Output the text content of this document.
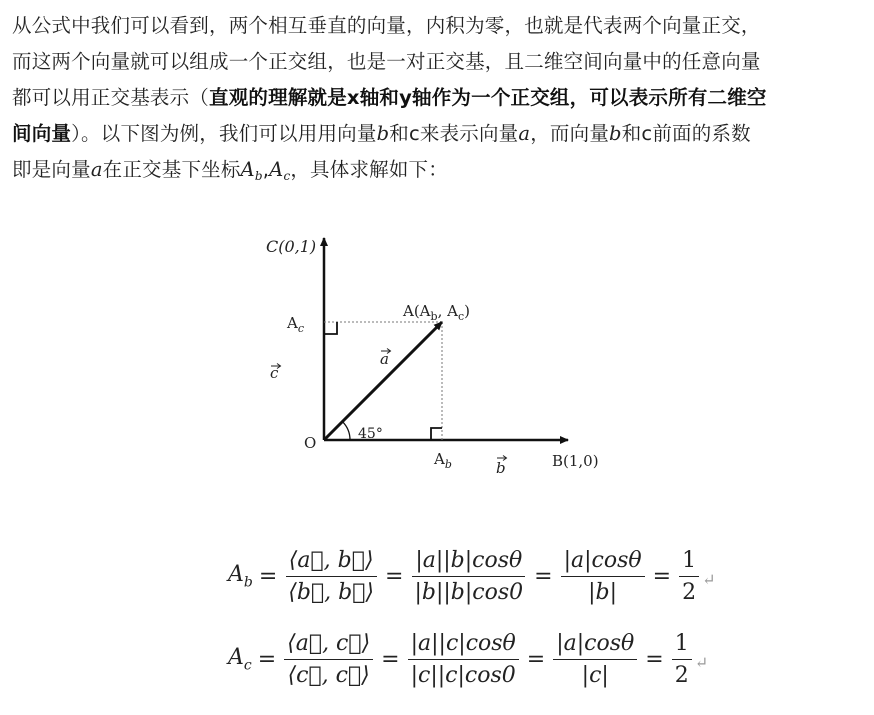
从公式中我们可以看到，两个相互垂直的向量，内积为零，也就是代表两个向量正交，
而这两个向量就可以组成一个正交组，也是一对正交基，且二维空间向量中的任意向量
都可以用正交基表示（直观的理解就是x轴和y轴作为一个正交组，可以表示所有二维空
间向量）。以下图为例，我们可以用用向量b和c来表示向量a，而向量b和c前面的系数
即是向量a在正交基下坐标$A_b,A_c$，具体求解如下：
C(0,1)
$A_c$
$A(A_b$, $A_c$)
a
c
O	45°
$A_b$	b	B(1,0)
$A_b = \frac{⟨a⃗, b⃗⟩}{⟨b⃗, b⃗⟩} = \frac{|a||b|\cos\theta}{|b||b|\cos 0} = \frac{|a|\cos\theta}{|b|} = \frac{1}{2}$ ↵
$A_c = \frac{⟨a⃗, c⃗⟩}{⟨c⃗, c⃗⟩} = \frac{|a||c|\cos\theta}{|c||c|\cos 0} = \frac{|a|\cos\theta}{|c|} = \frac{1}{2}$ ↵
